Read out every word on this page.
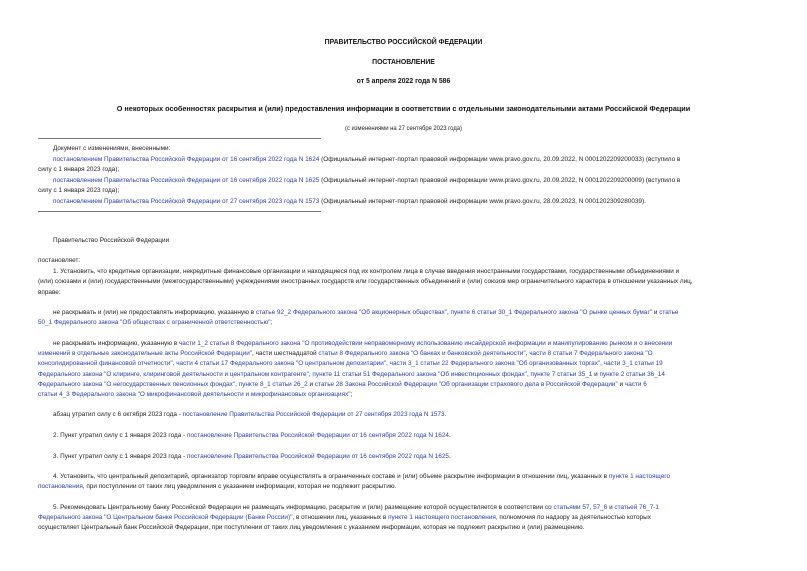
ПРАВИТЕЛЬСТВО РОССИЙСКОЙ ФЕДЕРАЦИИ
ПОСТАНОВЛЕНИЕ
от 5 апреля 2022 года N 586
О некоторых особенностях раскрытия и (или) предоставления информации в соответствии с отдельными законодательными актами Российской Федерации
(с изменениями на 27 сентября 2023 года)
Документ с изменениями, внесенными:
постановлением Правительства Российской Федерации от 16 сентября 2022 года N 1624 (Официальный интернет-портал правовой информации www.pravo.gov.ru, 20.09.2022, N 0001202209200033) (вступило в
силу с 1 января 2023 года);
постановлением Правительства Российской Федерации от 16 сентября 2022 года N 1625 (Официальный интернет-портал правовой информации www.pravo.gov.ru, 20.09.2022, N 0001202209200009) (вступило в
силу с 1 января 2023 года);
постановлением Правительства Российской Федерации от 27 сентября 2023 года N 1573 (Официальный интернет-портал правовой информации www.pravo.gov.ru, 28.09.2023, N 0001202309280039).
Правительство Российской Федерации
постановляет:
1. Установить, что кредитные организации, некредитные финансовые организации и находящиеся под их контролем лица в случае введения иностранными государствами, государственными объединениями и
(или) союзами и (или) государственными (межгосударственными) учреждениями иностранных государств или государственных объединений и (или) союзов мер ограничительного характера в отношении указанных лиц,
вправе:
не раскрывать и (или) не предоставлять информацию, указанную в статье 92_2 Федерального закона "Об акционерных обществах", пункте 6 статьи 30_1 Федерального закона "О рынке ценных бумаг" и статье
50_1 Федерального закона "Об обществах с ограниченной ответственностью";
не раскрывать информацию, указанную в части 1_2 статьи 8 Федерального закона "О противодействии неправомерному использованию инсайдерской информации и манипулированию рынком и о внесении
изменений в отдельные законодательные акты Российской Федерации", части шестнадцатой статьи 8 Федерального закона "О банках и банковской деятельности", части 8 статьи 7 Федерального закона "О
консолидированной финансовой отчетности", части 4 статьи 17 Федерального закона "О центральном депозитарии", части 3_1 статьи 22 Федерального закона "Об организованных торгах", части 3_1 статьи 19
Федерального закона "О клиринге, клиринговой деятельности и центральном контрагенте", пункте 11 статьи 51 Федерального закона "Об инвестиционных фондах", пункте 7 статьи 35_1 и пункте 2 статьи 36_14
Федерального закона "О негосударственных пенсионных фондах", пункте 8_1 статьи 26_2 и статье 28 Закона Российской Федерации "Об организации страхового дела в Российской Федерации" и части 6
статьи 4_3 Федерального закона "О микрофинансовой деятельности и микрофинансовых организациях";
абзац утратил силу с 6 октября 2023 года - постановление Правительства Российской Федерации от 27 сентября 2023 года N 1573.
2. Пункт утратил силу с 1 января 2023 года - постановление Правительства Российской Федерации от 16 сентября 2022 года N 1624.
3. Пункт утратил силу с 1 января 2023 года - постановление Правительства Российской Федерации от 16 сентября 2022 года N 1625.
4. Установить, что центральный депозитарий, организатор торговли вправе осуществлять в ограниченных составе и (или) объеме раскрытие информации в отношении лиц, указанных в пункте 1 настоящего
постановления, при поступлении от таких лиц уведомления с указанием информации, которая не подлежит раскрытию.
5. Рекомендовать Центральному банку Российской Федерации не размещать информацию, раскрытие и (или) размещение которой осуществляется в соответствии со статьями 57, 57_6 и статьей 76_7-1
Федерального закона "О Центральном банке Российской Федерации (Банке России)", в отношении лиц, указанных в пункте 1 настоящего постановления, полномочия по надзору за деятельностью которых
осуществляет Центральный банк Российской Федерации, при поступлении от таких лиц уведомления с указанием информации, которая не подлежит раскрытию и (или) размещению.
